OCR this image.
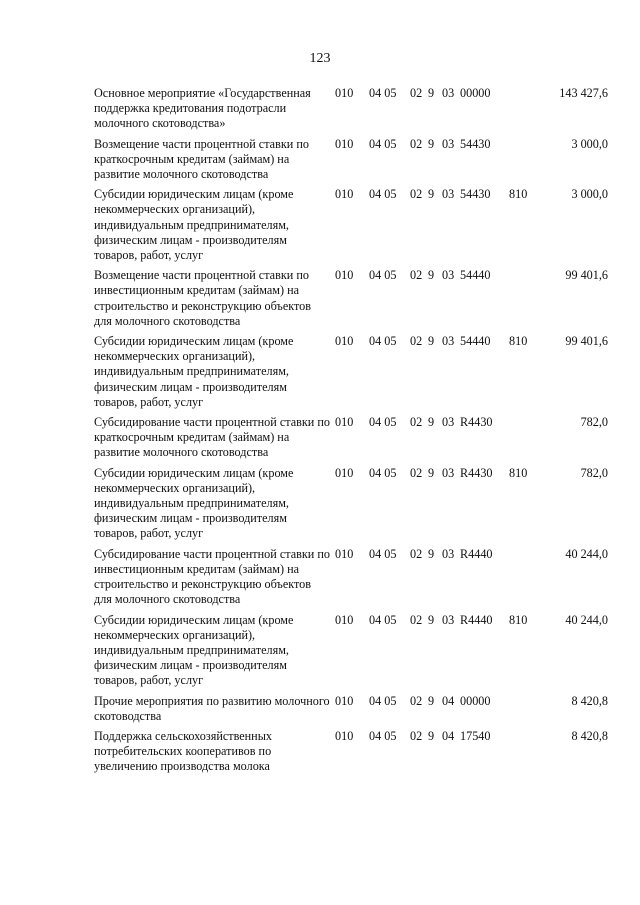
123
Основное мероприятие «Государственная поддержка кредитования подотрасли молочного скотоводства»
010 04 05 02 9 03 00000	143 427,6
Возмещение части процентной ставки по краткосрочным кредитам (займам) на развитие молочного скотоводства
010 04 05 02 9 03 54430	3 000,0
Субсидии юридическим лицам (кроме некоммерческих организаций), индивидуальным предпринимателям, физическим лицам - производителям товаров, работ, услуг
010 04 05 02 9 03 54430 810	3 000,0
Возмещение части процентной ставки по инвестиционным кредитам (займам) на строительство и реконструкцию объектов для молочного скотоводства
010 04 05 02 9 03 54440	99 401,6
Субсидии юридическим лицам (кроме некоммерческих организаций), индивидуальным предпринимателям, физическим лицам - производителям товаров, работ, услуг
010 04 05 02 9 03 54440 810	99 401,6
Субсидирование части процентной ставки по краткосрочным кредитам (займам) на развитие молочного скотоводства
010 04 05 02 9 03 R4430	782,0
Субсидии юридическим лицам (кроме некоммерческих организаций), индивидуальным предпринимателям, физическим лицам - производителям товаров, работ, услуг
010 04 05 02 9 03 R4430 810	782,0
Субсидирование части процентной ставки по инвестиционным кредитам (займам) на строительство и реконструкцию объектов для молочного скотоводства
010 04 05 02 9 03 R4440	40 244,0
Субсидии юридическим лицам (кроме некоммерческих организаций), индивидуальным предпринимателям, физическим лицам - производителям товаров, работ, услуг
010 04 05 02 9 03 R4440 810	40 244,0
Прочие мероприятия по развитию молочного скотоводства
010 04 05 02 9 04 00000	8 420,8
Поддержка сельскохозяйственных потребительских кооперативов по увеличению производства молока
010 04 05 02 9 04 17540	8 420,8
